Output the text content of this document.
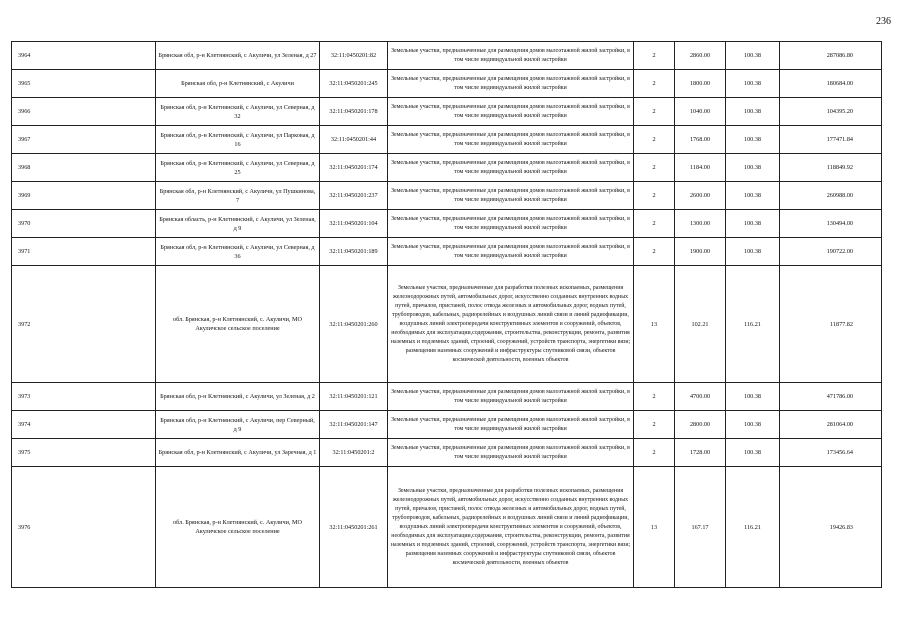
236
3964	Брянская обл, р-н Клетнянский, с Акуличи, ул Зеленая, д 27	32:11:0450201:82	Земельные участки, предназначенные для размещения домов малоэтажной жилой застройки, в том числе индивидуальной жилой застройки	2	2860.00	100.38	287086.80
3965	Брянская обл, р-н Клетнянский, с Акуличи	32:11:0450201:245	Земельные участки, предназначенные для размещения домов малоэтажной жилой застройки, в том числе индивидуальной жилой застройки	2	1800.00	100.38	180684.00
3966	Брянская обл, р-н Клетнянский, с Акуличи, ул Северная, д 32	32:11:0450201:178	Земельные участки, предназначенные для размещения домов малоэтажной жилой застройки, в том числе индивидуальной жилой застройки	2	1040.00	100.38	104395.20
3967	Брянская обл, р-н Клетнянский, с Акуличи, ул Парковая, д 16	32:11:0450201:44	Земельные участки, предназначенные для размещения домов малоэтажной жилой застройки, в том числе индивидуальной жилой застройки	2	1768.00	100.38	177471.84
3968	Брянская обл, р-н Клетнянский, с Акуличи, ул Северная, д 25	32:11:0450201:174	Земельные участки, предназначенные для размещения домов малоэтажной жилой застройки, в том числе индивидуальной жилой застройки	2	1184.00	100.38	118849.92
3969	Брянская обл, р-н Клетнянский, с Акуличи, ул Пушкинова, 7	32:11:0450201:237	Земельные участки, предназначенные для размещения домов малоэтажной жилой застройки, в том числе индивидуальной жилой застройки	2	2600.00	100.38	260988.00
3970	Брянская область, р-н Клетнянский, с Акуличи, ул Зеленая, д 9	32:11:0450201:104	Земельные участки, предназначенные для размещения домов малоэтажной жилой застройки, в том числе индивидуальной жилой застройки	2	1300.00	100.38	130494.00
3971	Брянская обл, р-н Клетнянский, с Акуличи, ул Северная, д 36	32:11:0450201:189	Земельные участки, предназначенные для размещения домов малоэтажной жилой застройки, в том числе индивидуальной жилой застройки	2	1900.00	100.38	190722.00
3972	обл. Брянская, р-н Клетнянский, с. Акуличи, МО Акуличское сельское поселение	32:11:0450201:260	Земельные участки, предназначенные для разработки полезных ископаемых, размещения железнодорожных путей, автомобильных дорог, искусственно созданных внутренних водных путей, причалов, пристаней, полос отвода железных и автомобильных дорог, водных путей, трубопроводов, кабельных, радиорелейных и воздушных линий связи и линий радиофикации, воздушных линий электропередачи конструктивных элементов и сооружений, объектов, необходимых для эксплуатации,содержания, строительства, реконструкции, ремонта, развития наземных и подземных зданий, строений, сооружений, устройств транспорта, энергетики вязи; размещения наземных сооружений и инфраструктуры спутниковой связи, объектов космической деятельности, военных объектов	13	102.21	116.21	11877.82
3973	Брянская обл, р-н Клетнянский, с Акуличи, ул Зеленая, д 2	32:11:0450201:121	Земельные участки, предназначенные для размещения домов малоэтажной жилой застройки, в том числе индивидуальной жилой застройки	2	4700.00	100.38	471786.00
3974	Брянская обл, р-н Клетнянский, с Акуличи, пер Северный, д 9	32:11:0450201:147	Земельные участки, предназначенные для размещения домов малоэтажной жилой застройки, в том числе индивидуальной жилой застройки	2	2800.00	100.38	281064.00
3975	Брянская обл, р-н Клетнянский, с Акуличи, ул Заречная, д 1	32:11:0450201:2	Земельные участки, предназначенные для размещения домов малоэтажной жилой застройки, в том числе индивидуальной жилой застройки	2	1728.00	100.38	173456.64
3976	обл. Брянская, р-н Клетнянский, с. Акуличи, МО Акуличское сельское поселение	32:11:0450201:261	Земельные участки, предназначенные для разработки полезных ископаемых, размещения железнодорожных путей, автомобильных дорог, искусственно созданных внутренних водных путей, причалов, пристаней, полос отвода железных и автомобильных дорог, водных путей, трубопроводов, кабельных, радиорелейных и воздушных линий связи и линий радиофикации, воздушных линий электропередачи конструктивных элементов и сооружений, объектов, необходимых для эксплуатации,содержания, строительства, реконструкции, ремонта, развития наземных и подземных зданий, строений, сооружений, устройств транспорта, энергетики вязи; размещения наземных сооружений и инфраструктуры спутниковой связи, объектов космической деятельности, военных объектов	13	167.17	116.21	19426.83
